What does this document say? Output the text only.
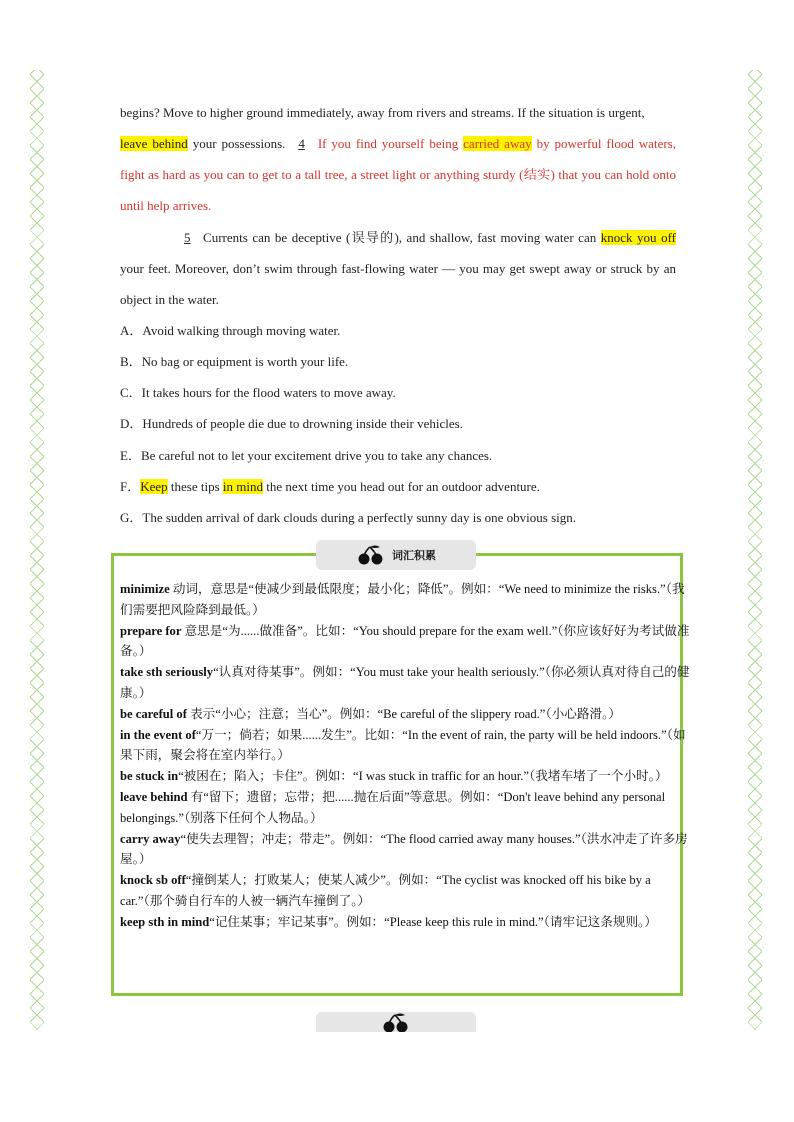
begins? Move to higher ground immediately, away from rivers and streams. If the situation is urgent,
leave behind your possessions. 4 If you find yourself being carried away by powerful flood waters, fight as hard as you can to get to a tall tree, a street light or anything sturdy (结实) that you can hold onto until help arrives.

5 Currents can be deceptive (误导的), and shallow, fast moving water can knock you off your feet. Moreover, don’t swim through fast-flowing water — you may get swept away or struck by an object in the water.

A．Avoid walking through moving water.

B．No bag or equipment is worth your life.

C．It takes hours for the flood waters to move away.

D．Hundreds of people die due to drowning inside their vehicles.

E．Be careful not to let your excitement drive you to take any chances.

F．Keep these tips in mind the next time you head out for an outdoor adventure.

G．The sudden arrival of dark clouds during a perfectly sunny day is one obvious sign.

词汇积累

minimize 动词，意思是“使减少到最低限度；最小化；降低”。例如：“We need to minimize the risks.”（我们需要把风险降到最低。）

prepare for 意思是“为......做准备”。比如：“You should prepare for the exam well.”（你应该好好为考试做准备。）

take sth seriously“认真对待某事”。例如：“You must take your health seriously.”（你必须认真对待自己的健康。）

be careful of 表示“小心；注意；当心”。例如：“Be careful of the slippery road.”（小心路滑。）

in the event of“万一；倘若；如果......发生”。比如：“In the event of rain, the party will be held indoors.”（如果下雨，聚会将在室内举行。）

be stuck in“被困在；陷入；卡住”。例如：“I was stuck in traffic for an hour.”（我堵车堵了一个小时。）

leave behind 有“留下；遗留；忘带；把......抛在后面”等意思。例如：“Don't leave behind any personal belongings.”（别落下任何个人物品。）

carry away“使失去理智；冲走；带走”。例如：“The flood carried away many houses.”（洪水冲走了许多房屋。）

knock sb off“撞倒某人；打败某人；使某人减少”。例如：“The cyclist was knocked off his bike by a car.”（那个骑自行车的人被一辆汽车撞倒了。）

keep sth in mind“记住某事；牢记某事”。例如：“Please keep this rule in mind.”（请牢记这条规则。）
